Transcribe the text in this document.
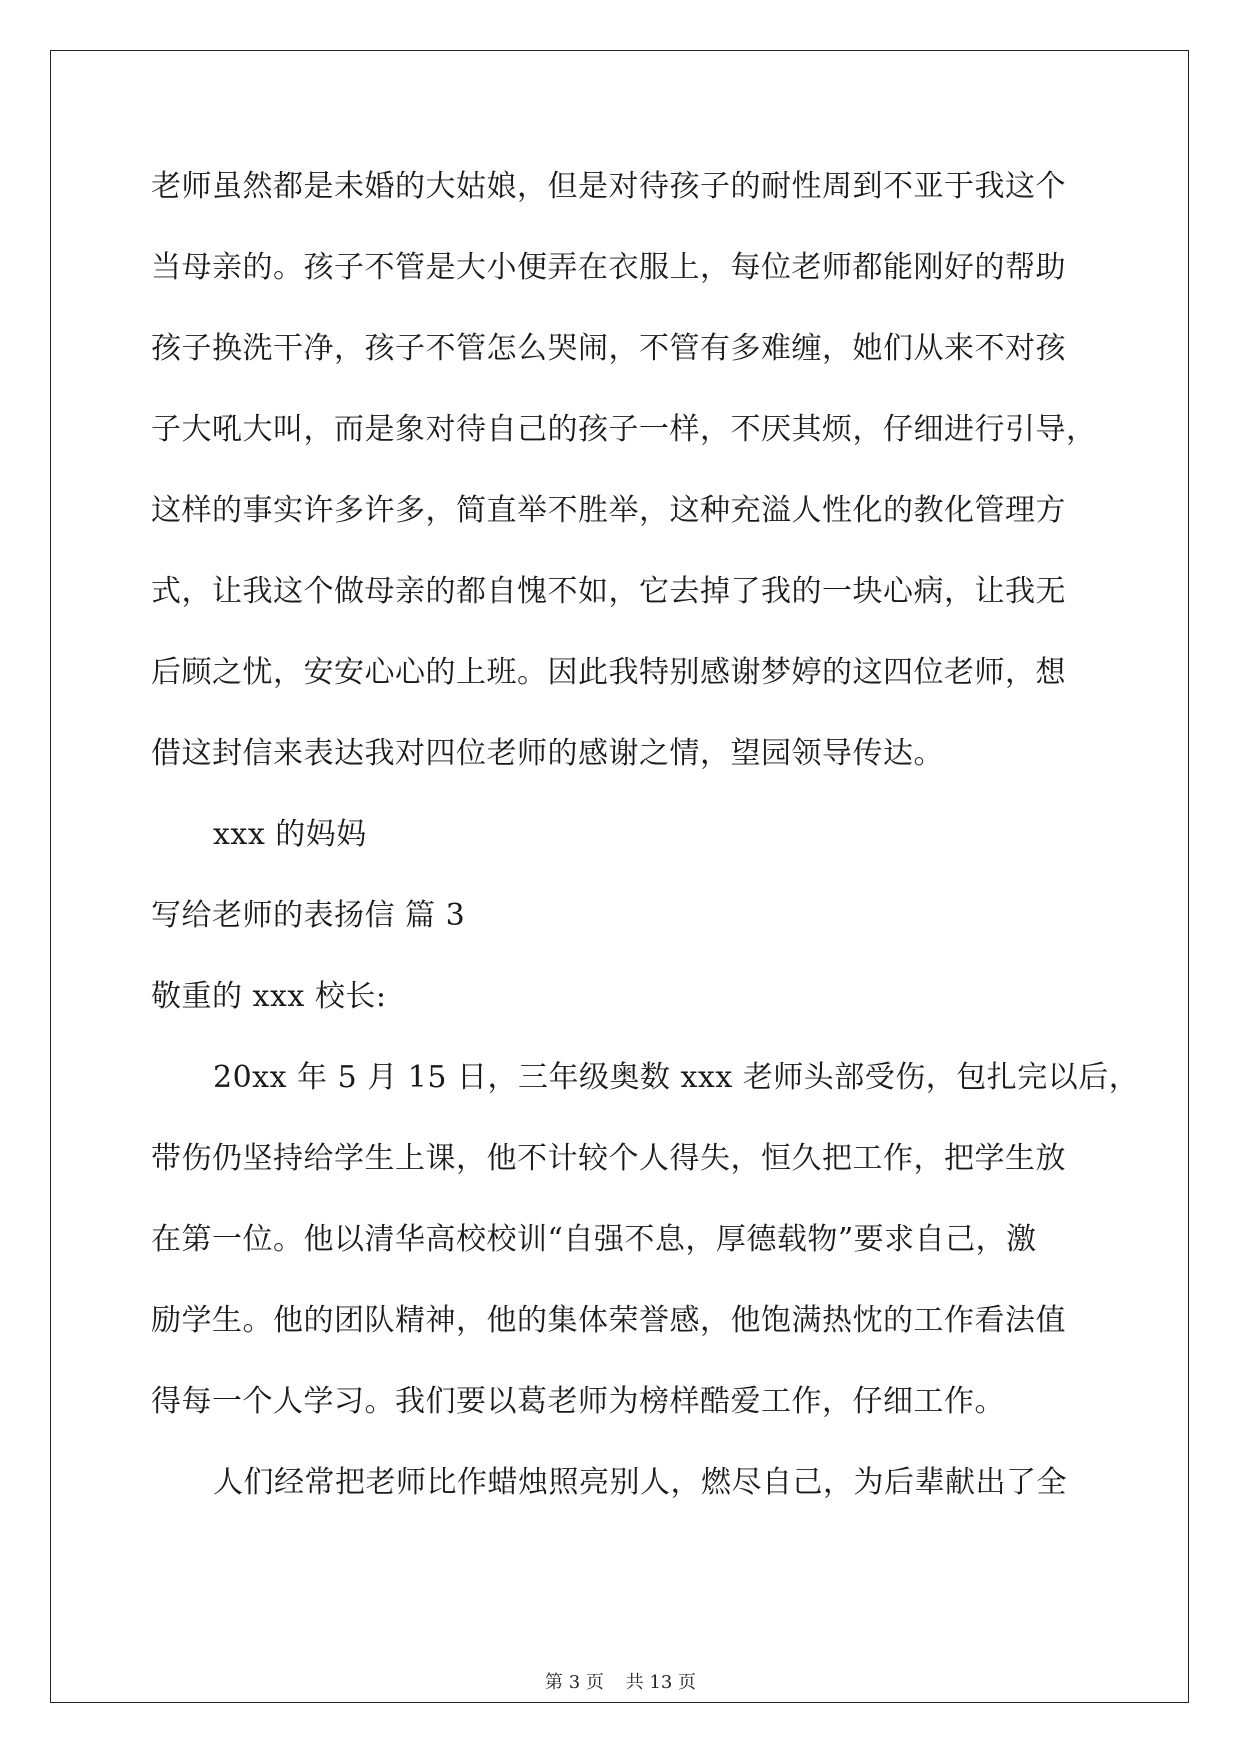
老师虽然都是未婚的大姑娘，但是对待孩子的耐性周到不亚于我这个
当母亲的。孩子不管是大小便弄在衣服上，每位老师都能刚好的帮助
孩子换洗干净，孩子不管怎么哭闹，不管有多难缠，她们从来不对孩
子大吼大叫，而是象对待自己的孩子一样，不厌其烦，仔细进行引导，
这样的事实许多许多，简直举不胜举，这种充溢人性化的教化管理方
式，让我这个做母亲的都自愧不如，它去掉了我的一块心病，让我无
后顾之忧，安安心心的上班。因此我特别感谢梦婷的这四位老师，想
借这封信来表达我对四位老师的感谢之情，望园领导传达。
xxx 的妈妈
写给老师的表扬信 篇 3
敬重的 xxx 校长:
20xx 年 5 月 15 日，三年级奥数 xxx 老师头部受伤，包扎完以后，
带伤仍坚持给学生上课，他不计较个人得失，恒久把工作，把学生放
在第一位。他以清华高校校训“自强不息，厚德载物”要求自己，激
励学生。他的团队精神，他的集体荣誉感，他饱满热忱的工作看法值
得每一个人学习。我们要以葛老师为榜样酷爱工作，仔细工作。
人们经常把老师比作蜡烛照亮别人，燃尽自己，为后辈献出了全
第 3 页 共 13 页
